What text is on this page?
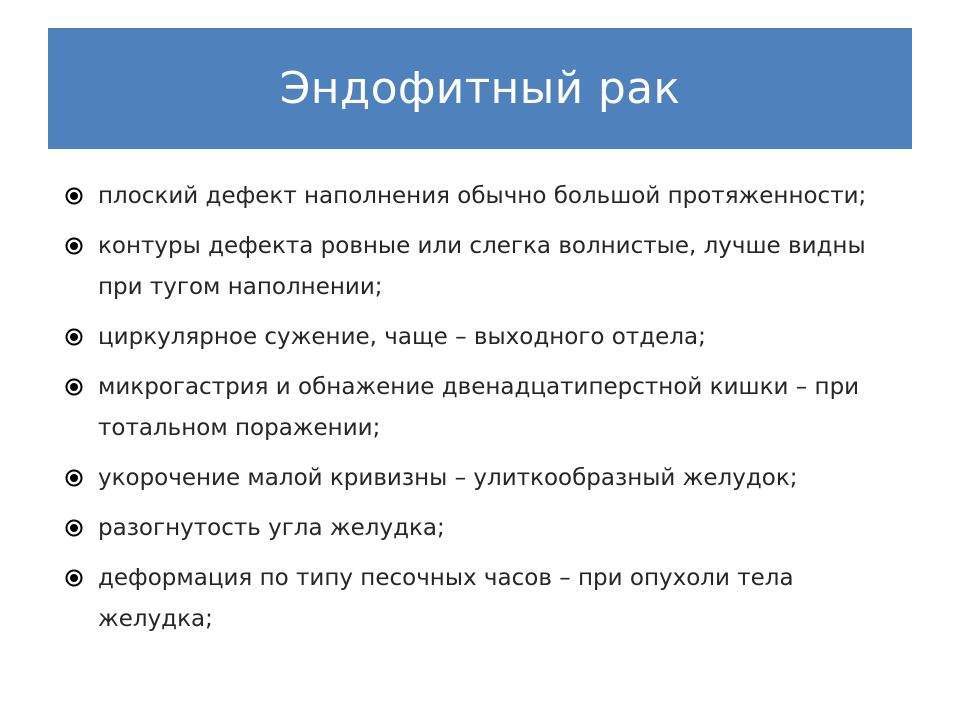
Эндофитный рак
плоский дефект наполнения обычно большой протяженности;
контуры дефекта ровные или слегка волнистые, лучше видны при тугом наполнении;
циркулярное сужение, чаще – выходного отдела;
микрогастрия и обнажение двенадцатиперстной кишки – при тотальном поражении;
укорочение малой кривизны – улиткообразный желудок;
разогнутость угла желудка;
деформация по типу песочных часов – при опухоли тела желудка;
